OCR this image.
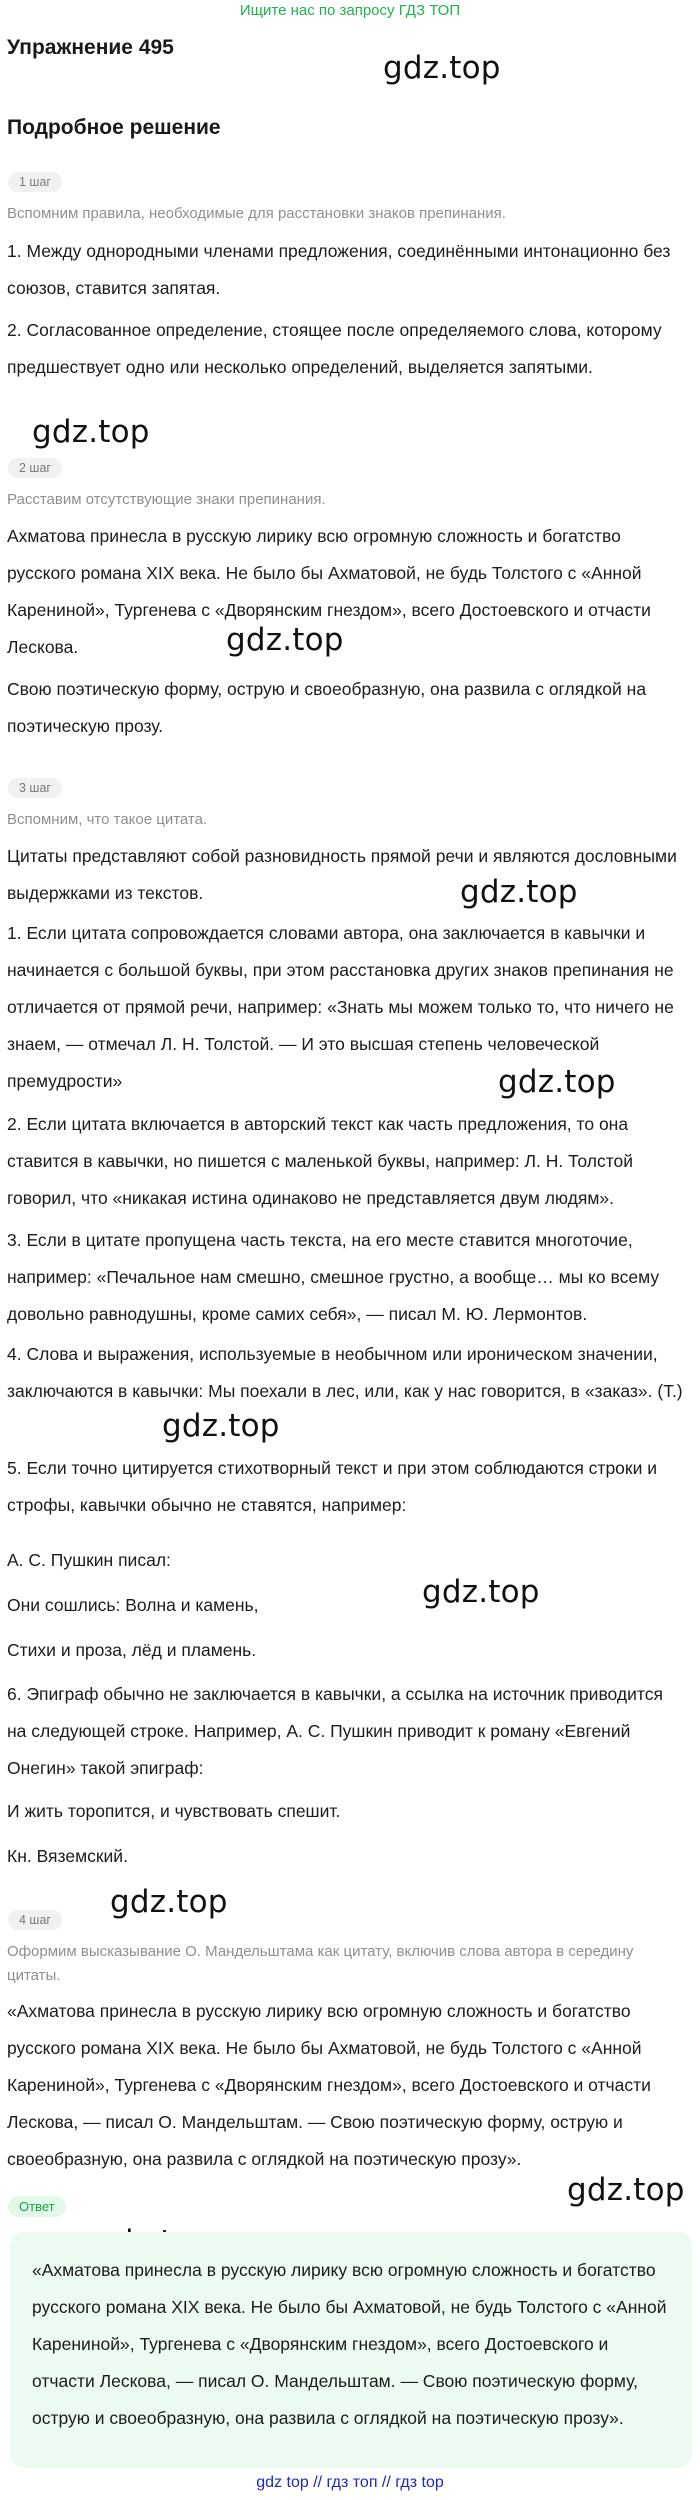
Ищите нас по запросу ГДЗ ТОП
Упражнение 495
gdz.top
gdz.top
gdz.top
gdz.top
gdz.top
gdz.top
gdz.top
gdz.top
gdz.top
Подробное решение
1 шаг
Вспомним правила, необходимые для расстановки знаков препинания.
1. Между однородными членами предложения, соединёнными интонационно без союзов, ставится запятая.
2. Согласованное определение, стоящее после определяемого слова, которому предшествует одно или несколько определений, выделяется запятыми.
2 шаг
Расставим отсутствующие знаки препинания.
Ахматова принесла в русскую лирику всю огромную сложность и богатство русского романа XIX века. Не было бы Ахматовой, не будь Толстого с «Анной Карениной», Тургенева с «Дворянским гнездом», всего Достоевского и отчасти Лескова.
Свою поэтическую форму, острую и своеобразную, она развила с оглядкой на поэтическую прозу.
3 шаг
Вспомним, что такое цитата.
Цитаты представляют собой разновидность прямой речи и являются дословными выдержками из текстов.
1. Если цитата сопровождается словами автора, она заключается в кавычки и начинается с большой буквы, при этом расстановка других знаков препинания не отличается от прямой речи, например: «Знать мы можем только то, что ничего не знаем, — отмечал Л. Н. Толстой. — И это высшая степень человеческой премудрости»
2. Если цитата включается в авторский текст как часть предложения, то она ставится в кавычки, но пишется с маленькой буквы, например: Л. Н. Толстой говорил, что «никакая истина одинаково не представляется двум людям».
3. Если в цитате пропущена часть текста, на его месте ставится многоточие, например: «Печальное нам смешно, смешное грустно, а вообще… мы ко всему довольно равнодушны, кроме самих себя», — писал М. Ю. Лермонтов.
4. Слова и выражения, используемые в необычном или ироническом значении, заключаются в кавычки: Мы поехали в лес, или, как у нас говорится, в «заказ». (Т.)
5. Если точно цитируется стихотворный текст и при этом соблюдаются строки и строфы, кавычки обычно не ставятся, например:
А. С. Пушкин писал:
Они сошлись: Волна и камень,
Стихи и проза, лёд и пламень.
6. Эпиграф обычно не заключается в кавычки, а ссылка на источник приводится на следующей строке. Например, А. С. Пушкин приводит к роману «Евгений Онегин» такой эпиграф:
И жить торопится, и чувствовать спешит.
Кн. Вяземский.
4 шаг
Оформим высказывание О. Мандельштама как цитату, включив слова автора в середину цитаты.
«Ахматова принесла в русскую лирику всю огромную сложность и богатство русского романа XIX века. Не было бы Ахматовой, не будь Толстого с «Анной Карениной», Тургенева с «Дворянским гнездом», всего Достоевского и отчасти Лескова, — писал О. Мандельштам. — Свою поэтическую форму, острую и своеобразную, она развила с оглядкой на поэтическую прозу».
Ответ
«Ахматова принесла в русскую лирику всю огромную сложность и богатство русского романа XIX века. Не было бы Ахматовой, не будь Толстого с «Анной Карениной», Тургенева с «Дворянским гнездом», всего Достоевского и отчасти Лескова, — писал О. Мандельштам. — Свою поэтическую форму, острую и своеобразную, она развила с оглядкой на поэтическую прозу».
gdz top // гдз топ // гдз top
